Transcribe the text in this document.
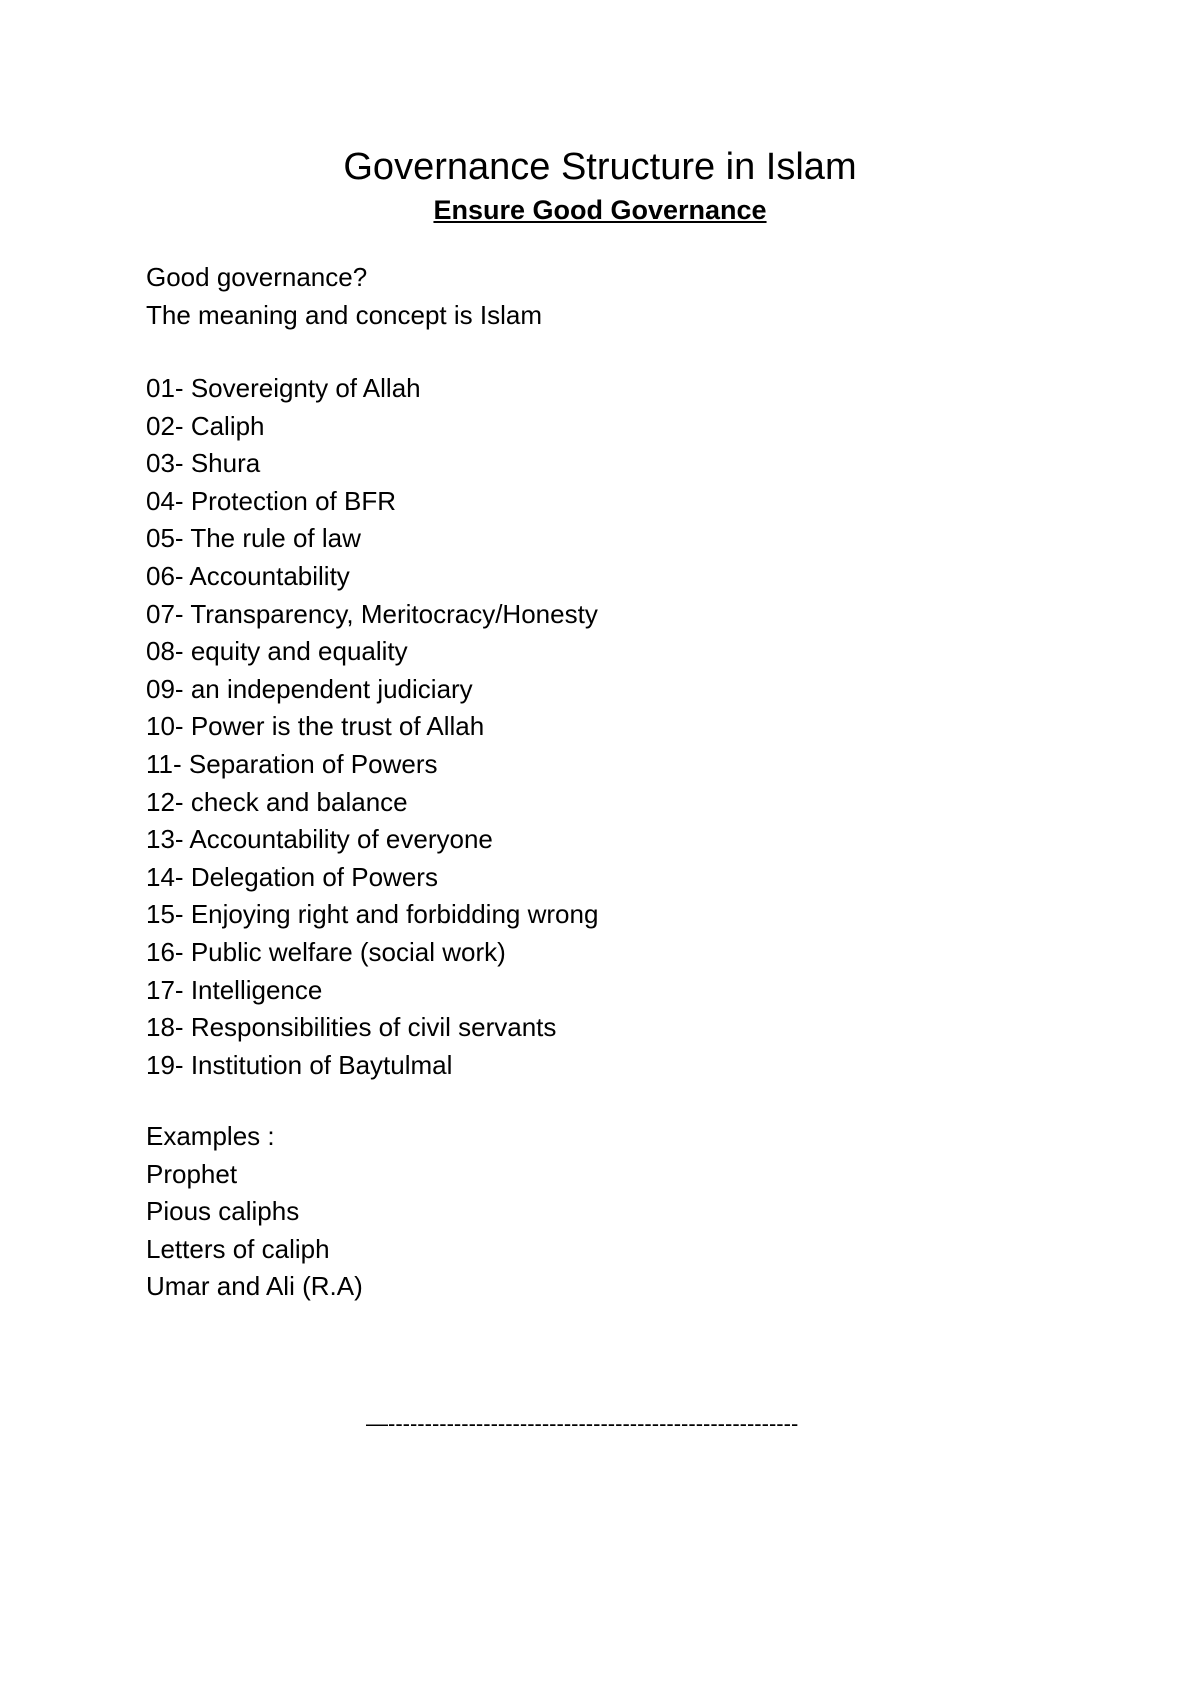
Governance Structure in Islam
Ensure Good Governance
Good governance?
The meaning and concept is Islam
01- Sovereignty of Allah
02- Caliph
03- Shura
04- Protection of BFR
05- The rule of law
06- Accountability
07- Transparency, Meritocracy/Honesty
08- equity and equality
09- an independent judiciary
10- Power is the trust of Allah
11- Separation of Powers
12- check and balance
13- Accountability of everyone
14- Delegation of Powers
15- Enjoying right and forbidding wrong
16- Public welfare (social work)
17- Intelligence
18- Responsibilities of civil servants
19- Institution of Baytulmal
Examples :
Prophet
Pious caliphs
Letters of caliph
Umar and Ali (R.A)
—--------------------------------------------------------
